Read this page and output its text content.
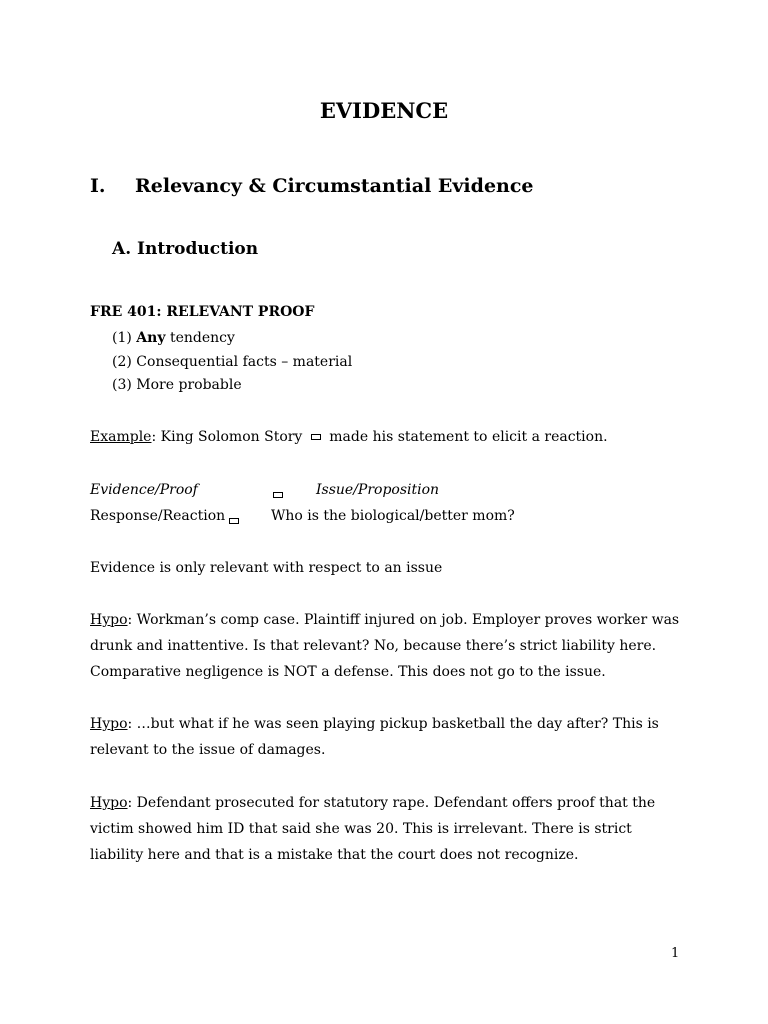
EVIDENCE
I. Relevancy & Circumstantial Evidence
A. Introduction
FRE 401: RELEVANT PROOF
(1) Any tendency
(2) Consequential facts – material
(3) More probable
Example: King Solomon Story made his statement to elicit a reaction.
Evidence/Proof	Issue/Proposition
Response/Reaction	Who is the biological/better mom?
Evidence is only relevant with respect to an issue
Hypo: Workman’s comp case. Plaintiff injured on job. Employer proves worker was
drunk and inattentive. Is that relevant? No, because there’s strict liability here.
Comparative negligence is NOT a defense. This does not go to the issue.
Hypo: …but what if he was seen playing pickup basketball the day after? This is
relevant to the issue of damages.
Hypo: Defendant prosecuted for statutory rape. Defendant offers proof that the
victim showed him ID that said she was 20. This is irrelevant. There is strict
liability here and that is a mistake that the court does not recognize.
1
